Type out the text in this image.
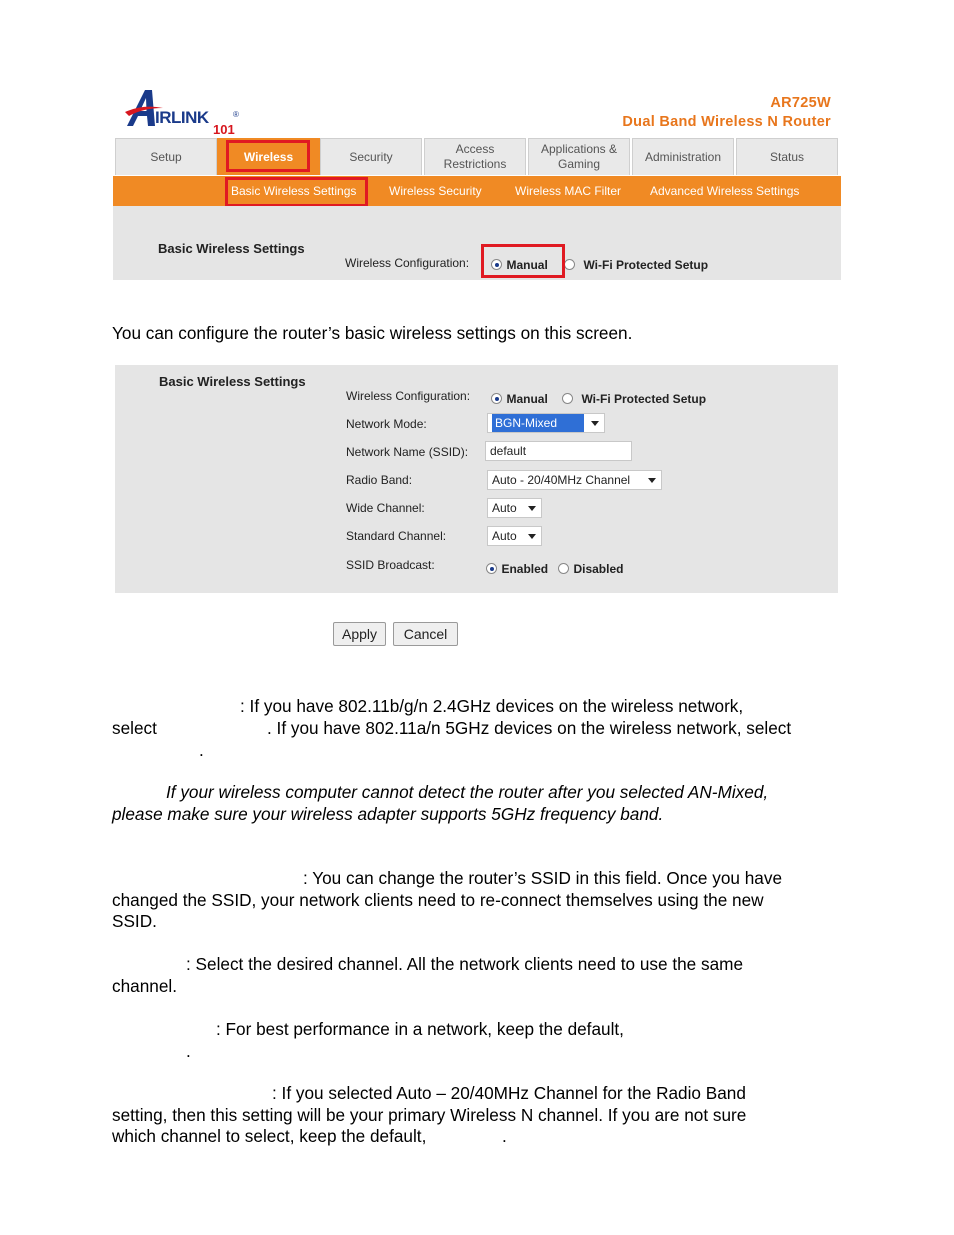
IRLINK	®
101
AR725W
Dual Band Wireless N Router
Setup	Wireless	Security
Access Restrictions
Applications & Gaming
Administration	Status
Basic Wireless Settings	Wireless Security	Wireless MAC Filter Advanced Wireless Settings
Basic Wireless Settings
Wireless Configuration:	Manual	Wi-Fi Protected Setup
You can configure the router’s basic wireless settings on this screen.
Basic Wireless Settings
Wireless Configuration:	Manual	Wi-Fi Protected Setup
Network Mode:	BGN-Mixed
Network Name (SSID):
default
Radio Band:	Auto - 20/40MHz Channel
Wide Channel:	Auto
Standard Channel:	Auto
SSID Broadcast:	Enabled	Disabled
Apply	Cancel
: If you have 802.11b/g/n 2.4GHz devices on the wireless network,
select	. If you have 802.11a/n 5GHz devices on the wireless network, select
.
If your wireless computer cannot detect the router after you selected AN-Mixed,
please make sure your wireless adapter supports 5GHz frequency band.
: You can change the router’s SSID in this field. Once you have
changed the SSID, your network clients need to re-connect themselves using the new
SSID.
: Select the desired channel. All the network clients need to use the same
channel.
: For best performance in a network, keep the default,
.
: If you selected Auto – 20/40MHz Channel for the Radio Band
setting, then this setting will be your primary Wireless N channel. If you are not sure
which channel to select, keep the default,	.
